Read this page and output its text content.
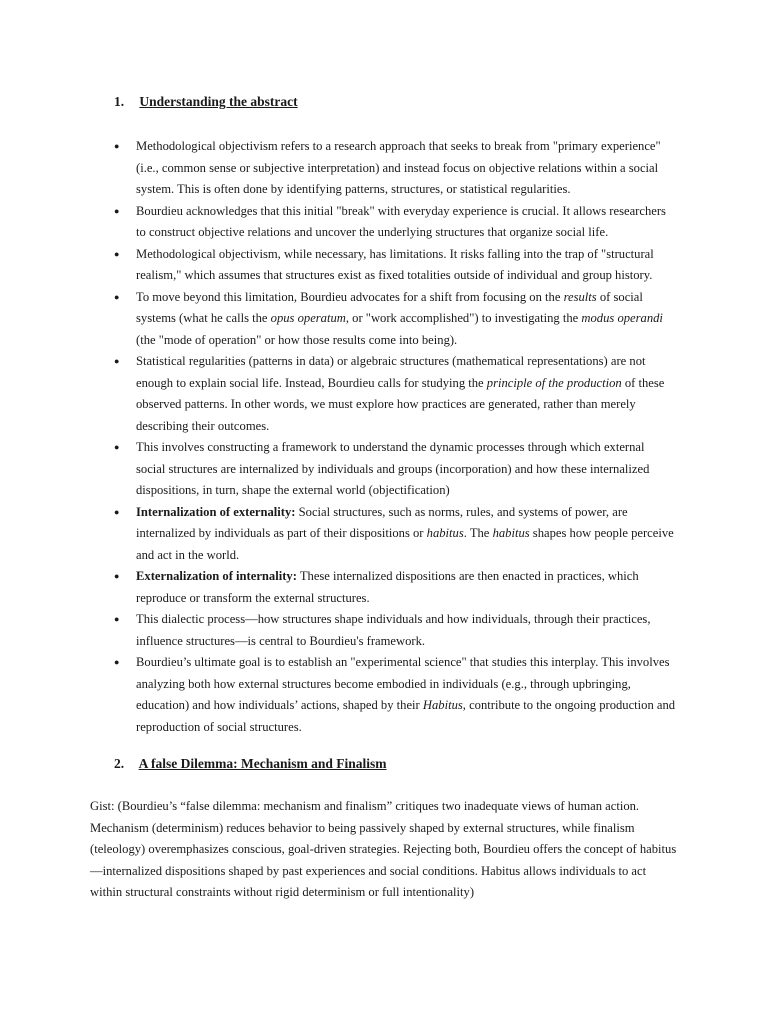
1. Understanding the abstract
● Methodological objectivism refers to a research approach that seeks to break from "primary experience" (i.e., common sense or subjective interpretation) and instead focus on objective relations within a social system. This is often done by identifying patterns, structures, or statistical regularities.
● Bourdieu acknowledges that this initial "break" with everyday experience is crucial. It allows researchers to construct objective relations and uncover the underlying structures that organize social life.
● Methodological objectivism, while necessary, has limitations. It risks falling into the trap of "structural realism," which assumes that structures exist as fixed totalities outside of individual and group history.
● To move beyond this limitation, Bourdieu advocates for a shift from focusing on the results of social systems (what he calls the opus operatum, or "work accomplished") to investigating the modus operandi (the "mode of operation" or how those results come into being).
● Statistical regularities (patterns in data) or algebraic structures (mathematical representations) are not enough to explain social life. Instead, Bourdieu calls for studying the principle of the production of these observed patterns. In other words, we must explore how practices are generated, rather than merely describing their outcomes.
● This involves constructing a framework to understand the dynamic processes through which external social structures are internalized by individuals and groups (incorporation) and how these internalized dispositions, in turn, shape the external world (objectification)
● Internalization of externality: Social structures, such as norms, rules, and systems of power, are internalized by individuals as part of their dispositions or habitus. The habitus shapes how people perceive and act in the world.
● Externalization of internality: These internalized dispositions are then enacted in practices, which reproduce or transform the external structures.
● This dialectic process—how structures shape individuals and how individuals, through their practices, influence structures—is central to Bourdieu's framework.
● Bourdieu’s ultimate goal is to establish an "experimental science" that studies this interplay. This involves analyzing both how external structures become embodied in individuals (e.g., through upbringing, education) and how individuals’ actions, shaped by their Habitus, contribute to the ongoing production and reproduction of social structures.
2. A false Dilemma: Mechanism and Finalism

Gist: (Bourdieu’s “false dilemma: mechanism and finalism” critiques two inadequate views of human action. Mechanism (determinism) reduces behavior to being passively shaped by external structures, while finalism (teleology) overemphasizes conscious, goal-driven strategies. Rejecting both, Bourdieu offers the concept of habitus—internalized dispositions shaped by past experiences and social conditions. Habitus allows individuals to act within structural constraints without rigid determinism or full intentionality)
